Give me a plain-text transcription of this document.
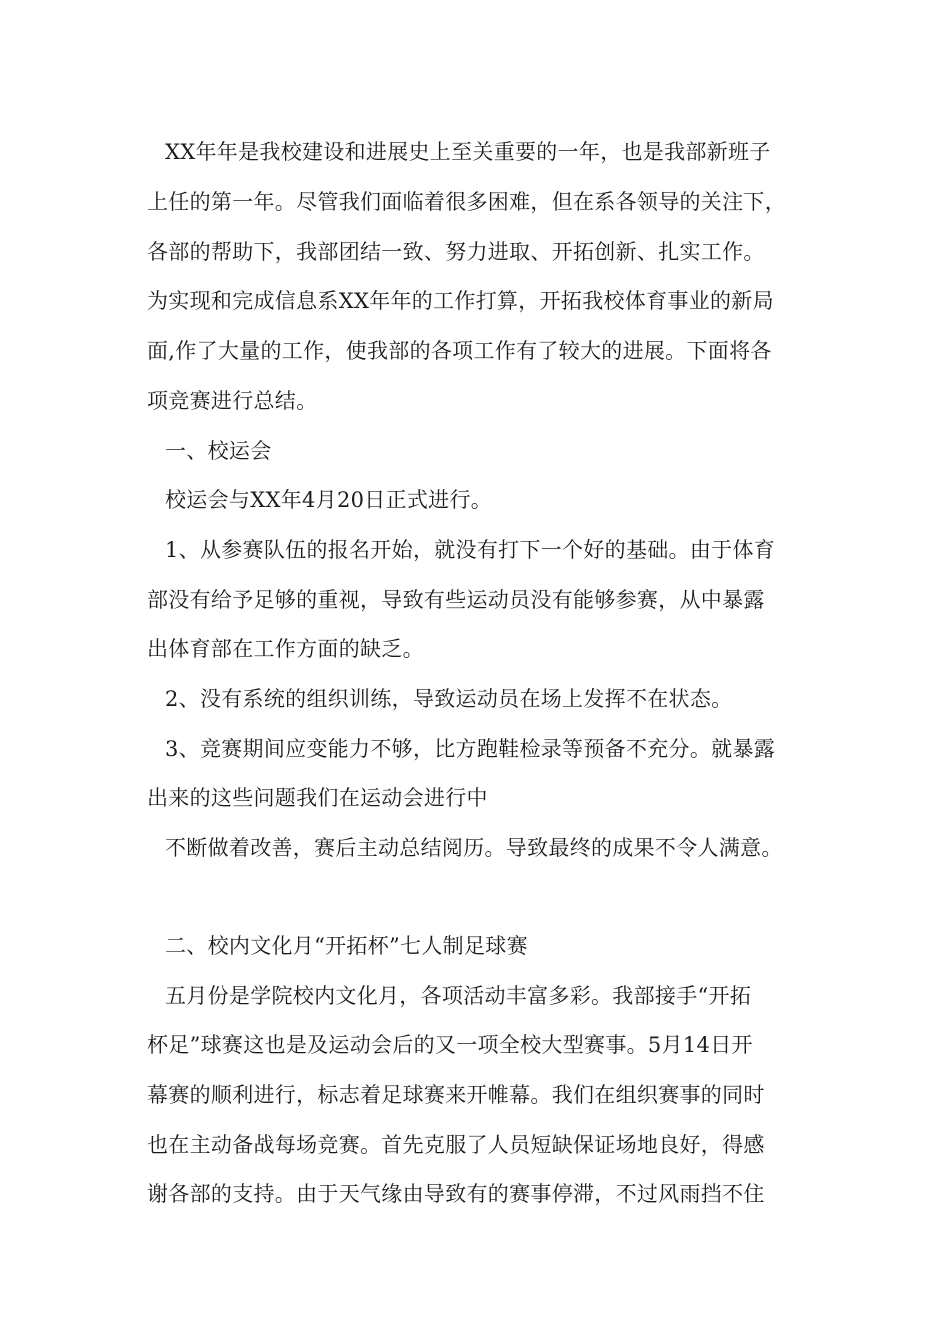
XX年年是我校建设和进展史上至关重要的一年，也是我部新班子
上任的第一年。尽管我们面临着很多困难，但在系各领导的关注下，
各部的帮助下，我部团结一致、努力进取、开拓创新、扎实工作。
为实现和完成信息系XX年年的工作打算，开拓我校体育事业的新局
面,作了大量的工作，使我部的各项工作有了较大的进展。下面将各
项竞赛进行总结。
一、校运会
校运会与XX年4月20日正式进行。
1、从参赛队伍的报名开始，就没有打下一个好的基础。由于体育
部没有给予足够的重视，导致有些运动员没有能够参赛，从中暴露
出体育部在工作方面的缺乏。
2、没有系统的组织训练，导致运动员在场上发挥不在状态。
3、竞赛期间应变能力不够，比方跑鞋检录等预备不充分。就暴露
出来的这些问题我们在运动会进行中
不断做着改善，赛后主动总结阅历。导致最终的成果不令人满意。
二、校内文化月“开拓杯”七人制足球赛
五月份是学院校内文化月，各项活动丰富多彩。我部接手“开拓
杯足”球赛这也是及运动会后的又一项全校大型赛事。5月14日开
幕赛的顺利进行，标志着足球赛来开帷幕。我们在组织赛事的同时
也在主动备战每场竞赛。首先克服了人员短缺保证场地良好，得感
谢各部的支持。由于天气缘由导致有的赛事停滞，不过风雨挡不住
